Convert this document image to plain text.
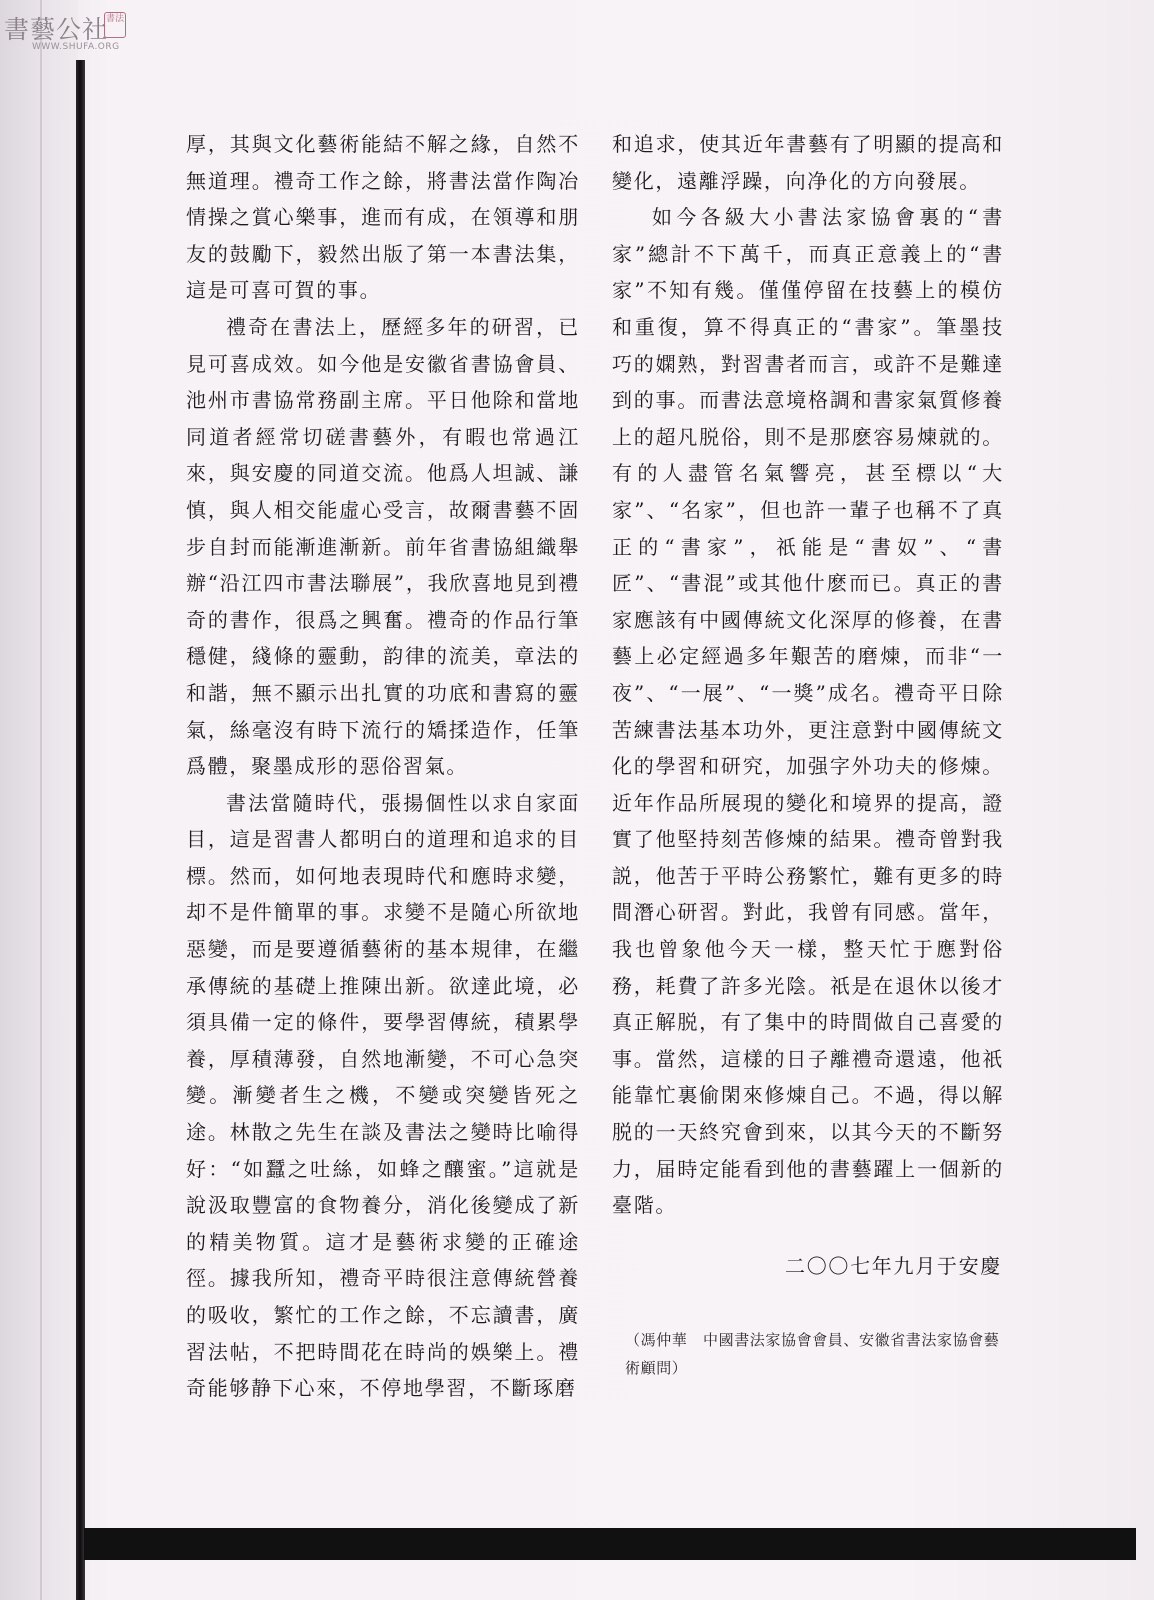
書藝公社
書法
WWW.SHUFA.ORG

厚，其與文化藝術能結不解之緣，自然不無道理。禮奇工作之餘，將書法當作陶冶情操之賞心樂事，進而有成，在領導和朋友的鼓勵下，毅然出版了第一本書法集，這是可喜可賀的事。

禮奇在書法上，歷經多年的研習，已見可喜成效。如今他是安徽省書協會員、池州市書協常務副主席。平日他除和當地同道者經常切磋書藝外，有暇也常過江來，與安慶的同道交流。他爲人坦誠、謙慎，與人相交能虛心受言，故爾書藝不固步自封而能漸進漸新。前年省書協組織舉辦“沿江四市書法聯展”，我欣喜地見到禮奇的書作，很爲之興奮。禮奇的作品行筆穩健，綫條的靈動，韵律的流美，章法的和諧，無不顯示出扎實的功底和書寫的靈氣，絲毫沒有時下流行的矯揉造作，任筆爲體，聚墨成形的惡俗習氣。

書法當隨時代，張揚個性以求自家面目，這是習書人都明白的道理和追求的目標。然而，如何地表現時代和應時求變，却不是件簡單的事。求變不是隨心所欲地惡變，而是要遵循藝術的基本規律，在繼承傳統的基礎上推陳出新。欲達此境，必須具備一定的條件，要學習傳統，積累學養，厚積薄發，自然地漸變，不可心急突變。漸變者生之機，不變或突變皆死之途。林散之先生在談及書法之變時比喻得好：“如蠶之吐絲，如蜂之釀蜜。”這就是說汲取豐富的食物養分，消化後變成了新的精美物質。這才是藝術求變的正確途徑。據我所知，禮奇平時很注意傳統營養的吸收，繁忙的工作之餘，不忘讀書，廣習法帖，不把時間花在時尚的娛樂上。禮奇能够静下心來，不停地學習，不斷琢磨

和追求，使其近年書藝有了明顯的提高和變化，遠離浮躁，向净化的方向發展。

如今各級大小書法家協會裏的“書家”總計不下萬千，而真正意義上的“書家”不知有幾。僅僅停留在技藝上的模仿和重復，算不得真正的“書家”。筆墨技巧的嫻熟，對習書者而言，或許不是難達到的事。而書法意境格調和書家氣質修養上的超凡脱俗，則不是那麽容易煉就的。有的人盡管名氣響亮，甚至標以“大家”、“名家”，但也許一輩子也稱不了真正的“書家”，祇能是“書奴”、“書匠”、“書混”或其他什麽而已。真正的書家應該有中國傳統文化深厚的修養，在書藝上必定經過多年艱苦的磨煉，而非“一夜”、“一展”、“一獎”成名。禮奇平日除苦練書法基本功外，更注意對中國傳統文化的學習和研究，加强字外功夫的修煉。近年作品所展現的變化和境界的提高，證實了他堅持刻苦修煉的結果。禮奇曾對我説，他苦于平時公務繁忙，難有更多的時間潛心研習。對此，我曾有同感。當年，我也曾象他今天一樣，整天忙于應對俗務，耗費了許多光陰。祇是在退休以後才真正解脱，有了集中的時間做自己喜愛的事。當然，這樣的日子離禮奇還遠，他祇能靠忙裏偷閑來修煉自己。不過，得以解脱的一天終究會到來，以其今天的不斷努力，届時定能看到他的書藝躍上一個新的臺階。

二〇〇七年九月于安慶
（馮仲華　中國書法家協會會員、安徽省書法家協會藝術顧問）
